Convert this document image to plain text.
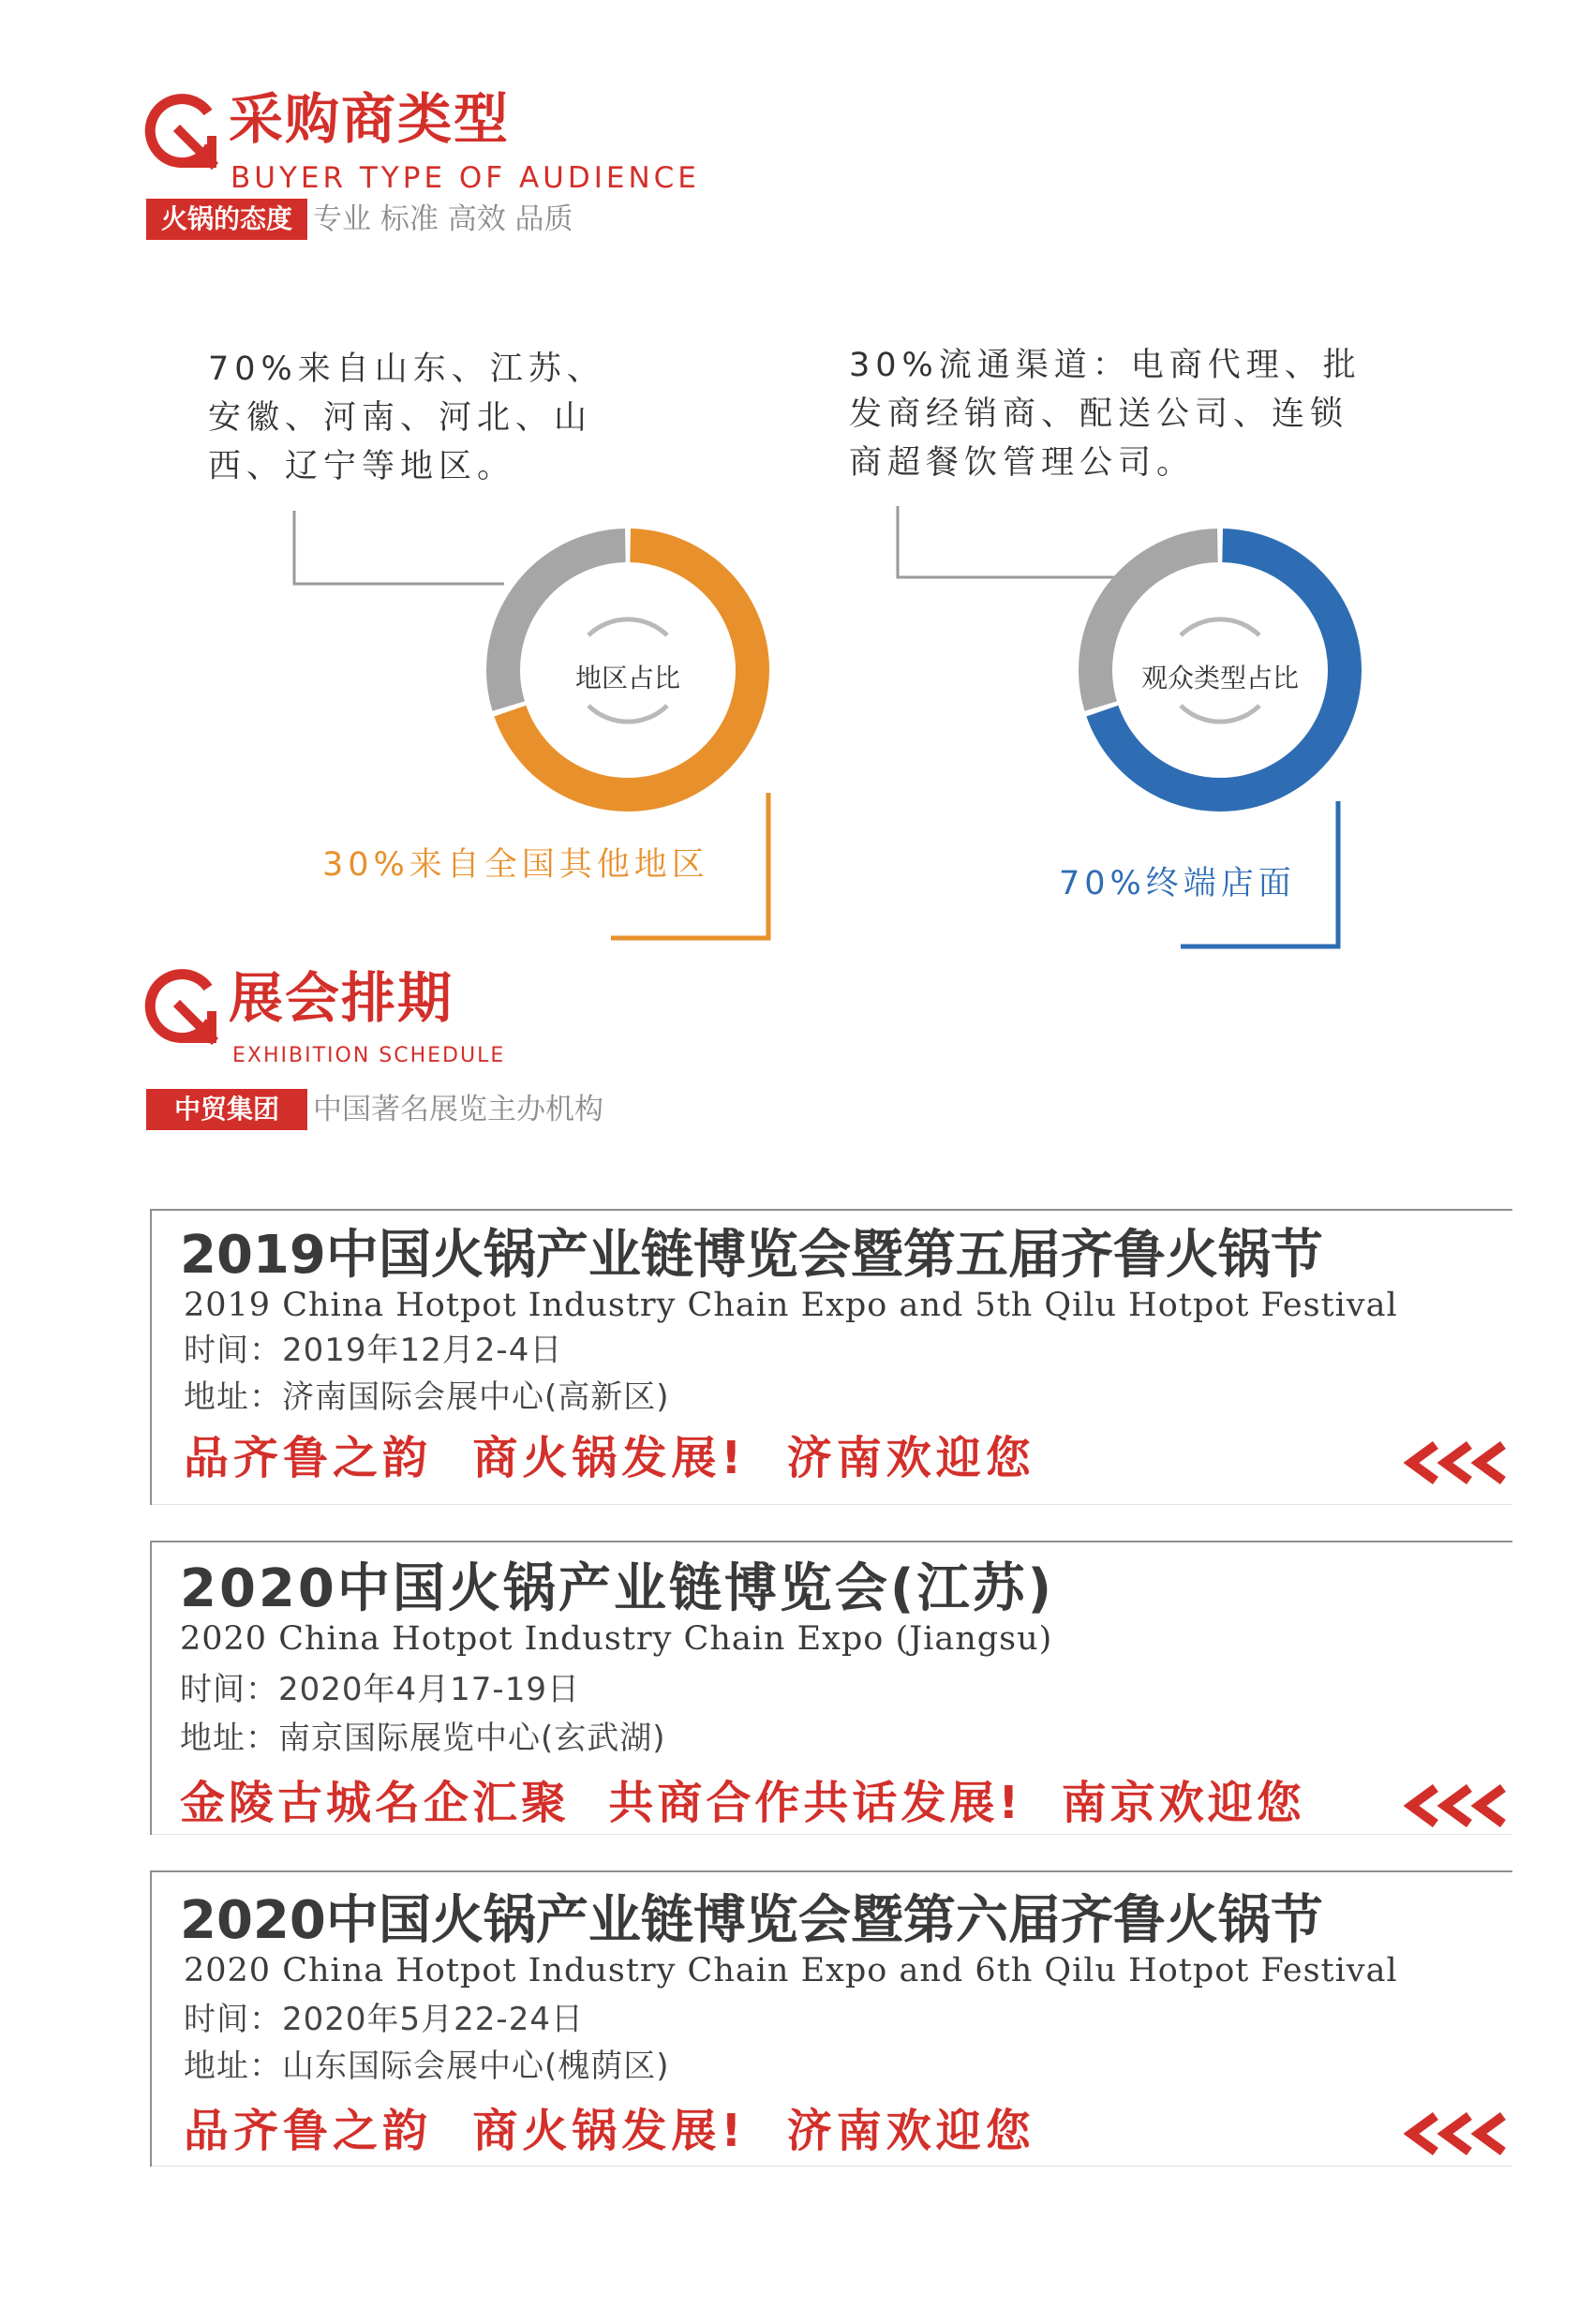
采购商类型
BUYER TYPE OF AUDIENCE
火锅的态度 专业 标准 高效 品质
70%来自山东、江苏、
安徽、河南、河北、山
西、辽宁等地区。
地区占比
30%来自全国其他地区
30%流通渠道：电商代理、批
发商经销商、配送公司、连锁
商超餐饮管理公司。
观众类型占比
70%终端店面
展会排期
EXHIBITION SCHEDULE
中贸集团	中国著名展览主办机构
2019中国火锅产业链博览会暨第五届齐鲁火锅节
2019 China Hotpot Industry Chain Expo and 5th Qilu Hotpot Festival
时间：2019年12月2-4日
地址：济南国际会展中心(高新区)
品齐鲁之韵  商火锅发展!  济南欢迎您
2020中国火锅产业链博览会(江苏)
2020 China Hotpot Industry Chain Expo (Jiangsu)
时间：2020年4月17-19日
地址：南京国际展览中心(玄武湖)
金陵古城名企汇聚  共商合作共话发展!  南京欢迎您
2020中国火锅产业链博览会暨第六届齐鲁火锅节
2020 China Hotpot Industry Chain Expo and 6th Qilu Hotpot Festival
时间：2020年5月22-24日
地址：山东国际会展中心(槐荫区)
品齐鲁之韵  商火锅发展!  济南欢迎您
